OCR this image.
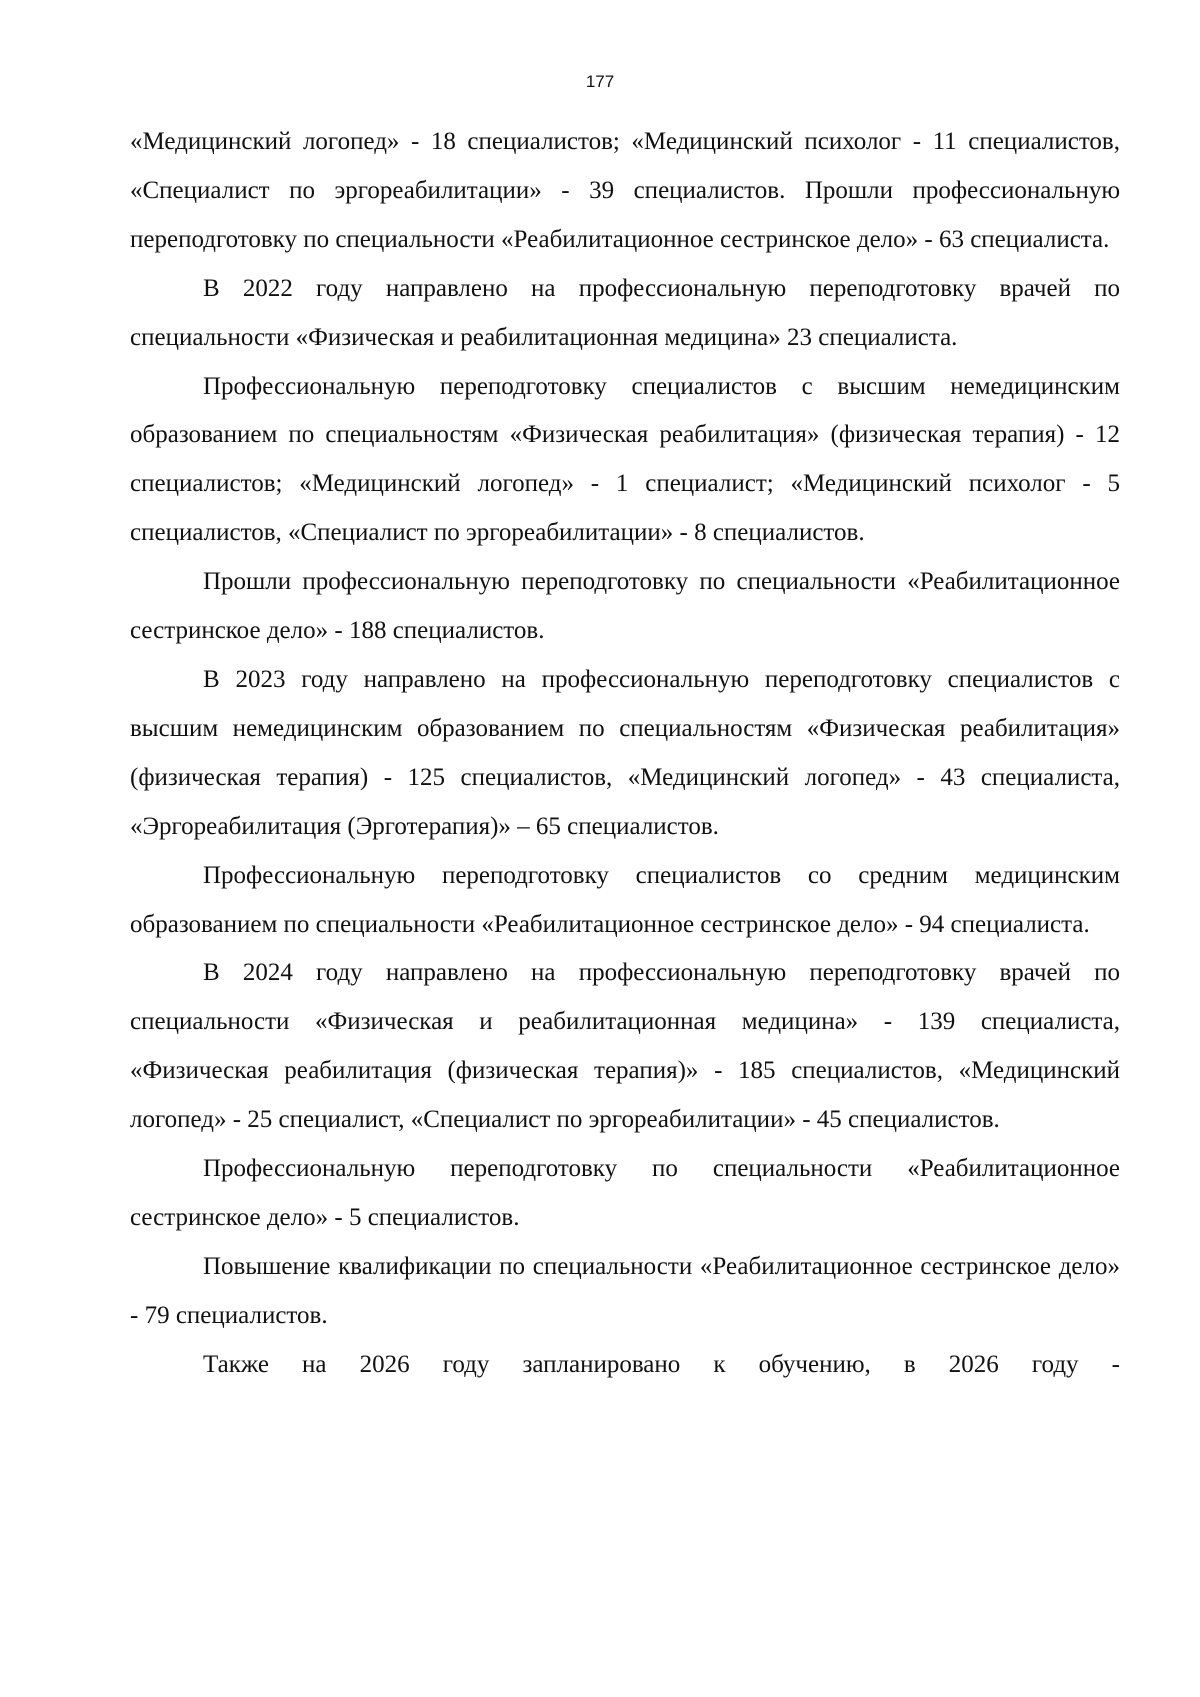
177

«Медицинский логопед» - 18 специалистов; «Медицинский психолог - 11 специалистов, «Специалист по эргореабилитации» - 39 специалистов. Прошли профессиональную переподготовку по специальности «Реабилитационное сестринское дело» - 63 специалиста.

В 2022 году направлено на профессиональную переподготовку врачей по специальности «Физическая и реабилитационная медицина» 23 специалиста.

Профессиональную переподготовку специалистов с высшим немедицинским образованием по специальностям «Физическая реабилитация» (физическая терапия) - 12 специалистов; «Медицинский логопед» - 1 специалист; «Медицинский психолог - 5 специалистов, «Специалист по эргореабилитации» - 8 специалистов.

Прошли профессиональную переподготовку по специальности «Реабилитационное сестринское дело» - 188 специалистов.

В 2023 году направлено на профессиональную переподготовку специалистов с высшим немедицинским образованием по специальностям «Физическая реабилитация» (физическая терапия) - 125 специалистов, «Медицинский логопед» - 43 специалиста, «Эргореабилитация (Эрготерапия)» – 65 специалистов.

Профессиональную переподготовку специалистов со средним медицинским образованием по специальности «Реабилитационное сестринское дело» - 94 специалиста.

В 2024 году направлено на профессиональную переподготовку врачей по специальности «Физическая и реабилитационная медицина» - 139 специалиста, «Физическая реабилитация (физическая терапия)» - 185 специалистов, «Медицинский логопед» - 25 специалист, «Специалист по эргореабилитации» - 45 специалистов.

Профессиональную переподготовку по специальности «Реабилитационное сестринское дело» - 5 специалистов.

Повышение квалификации по специальности «Реабилитационное сестринское дело» - 79 специалистов.

Также на 2026 году запланировано к обучению, в 2026 году -
